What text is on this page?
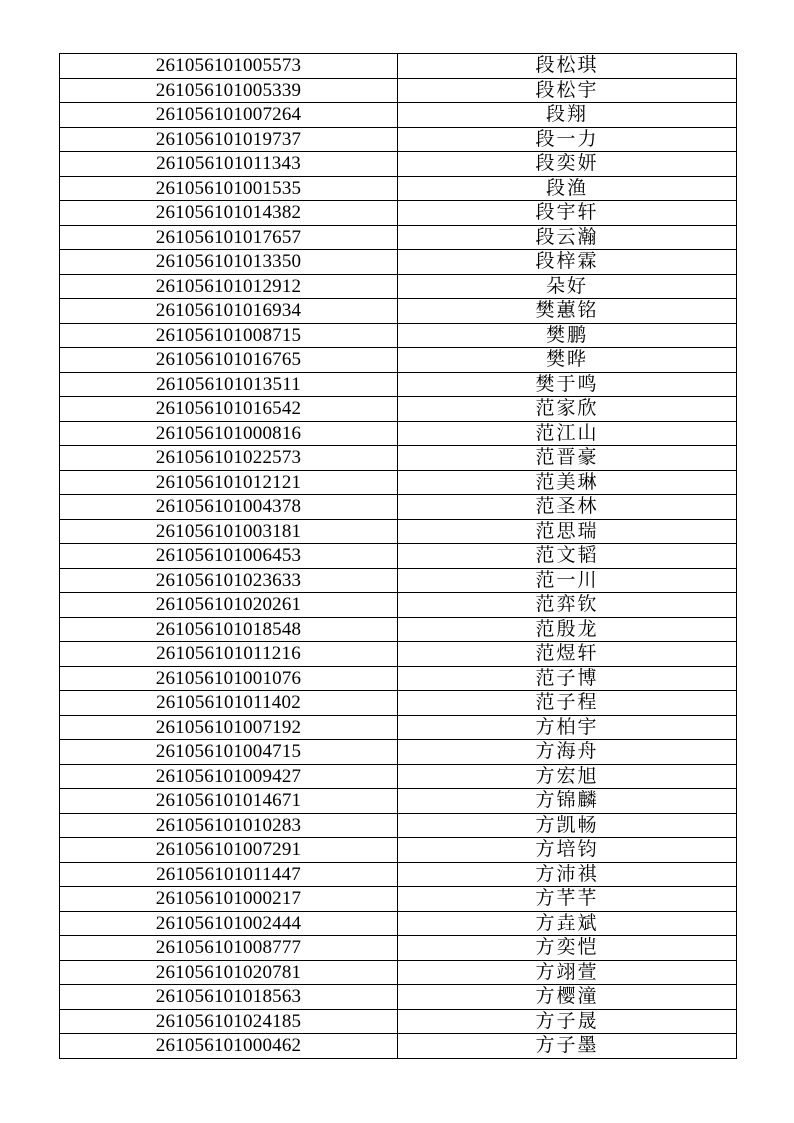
261056101005573	段松琪
261056101005339	段松宇
261056101007264	段翔
261056101019737	段一力
261056101011343	段奕妍
261056101001535	段渔
261056101014382	段宇轩
261056101017657	段云瀚
261056101013350	段梓霖
261056101012912	朵好
261056101016934	樊蕙铭
261056101008715	樊鹏
261056101016765	樊晔
261056101013511	樊于鸣
261056101016542	范家欣
261056101000816	范江山
261056101022573	范晋豪
261056101012121	范美琳
261056101004378	范圣林
261056101003181	范思瑞
261056101006453	范文韬
261056101023633	范一川
261056101020261	范弈钦
261056101018548	范殷龙
261056101011216	范煜轩
261056101001076	范子博
261056101011402	范子程
261056101007192	方柏宇
261056101004715	方海舟
261056101009427	方宏旭
261056101014671	方锦麟
261056101010283	方凯畅
261056101007291	方培钧
261056101011447	方沛祺
261056101000217	方芊芊
261056101002444	方垚斌
261056101008777	方奕恺
261056101020781	方翊萱
261056101018563	方樱潼
261056101024185	方子晟
261056101000462	方子墨
